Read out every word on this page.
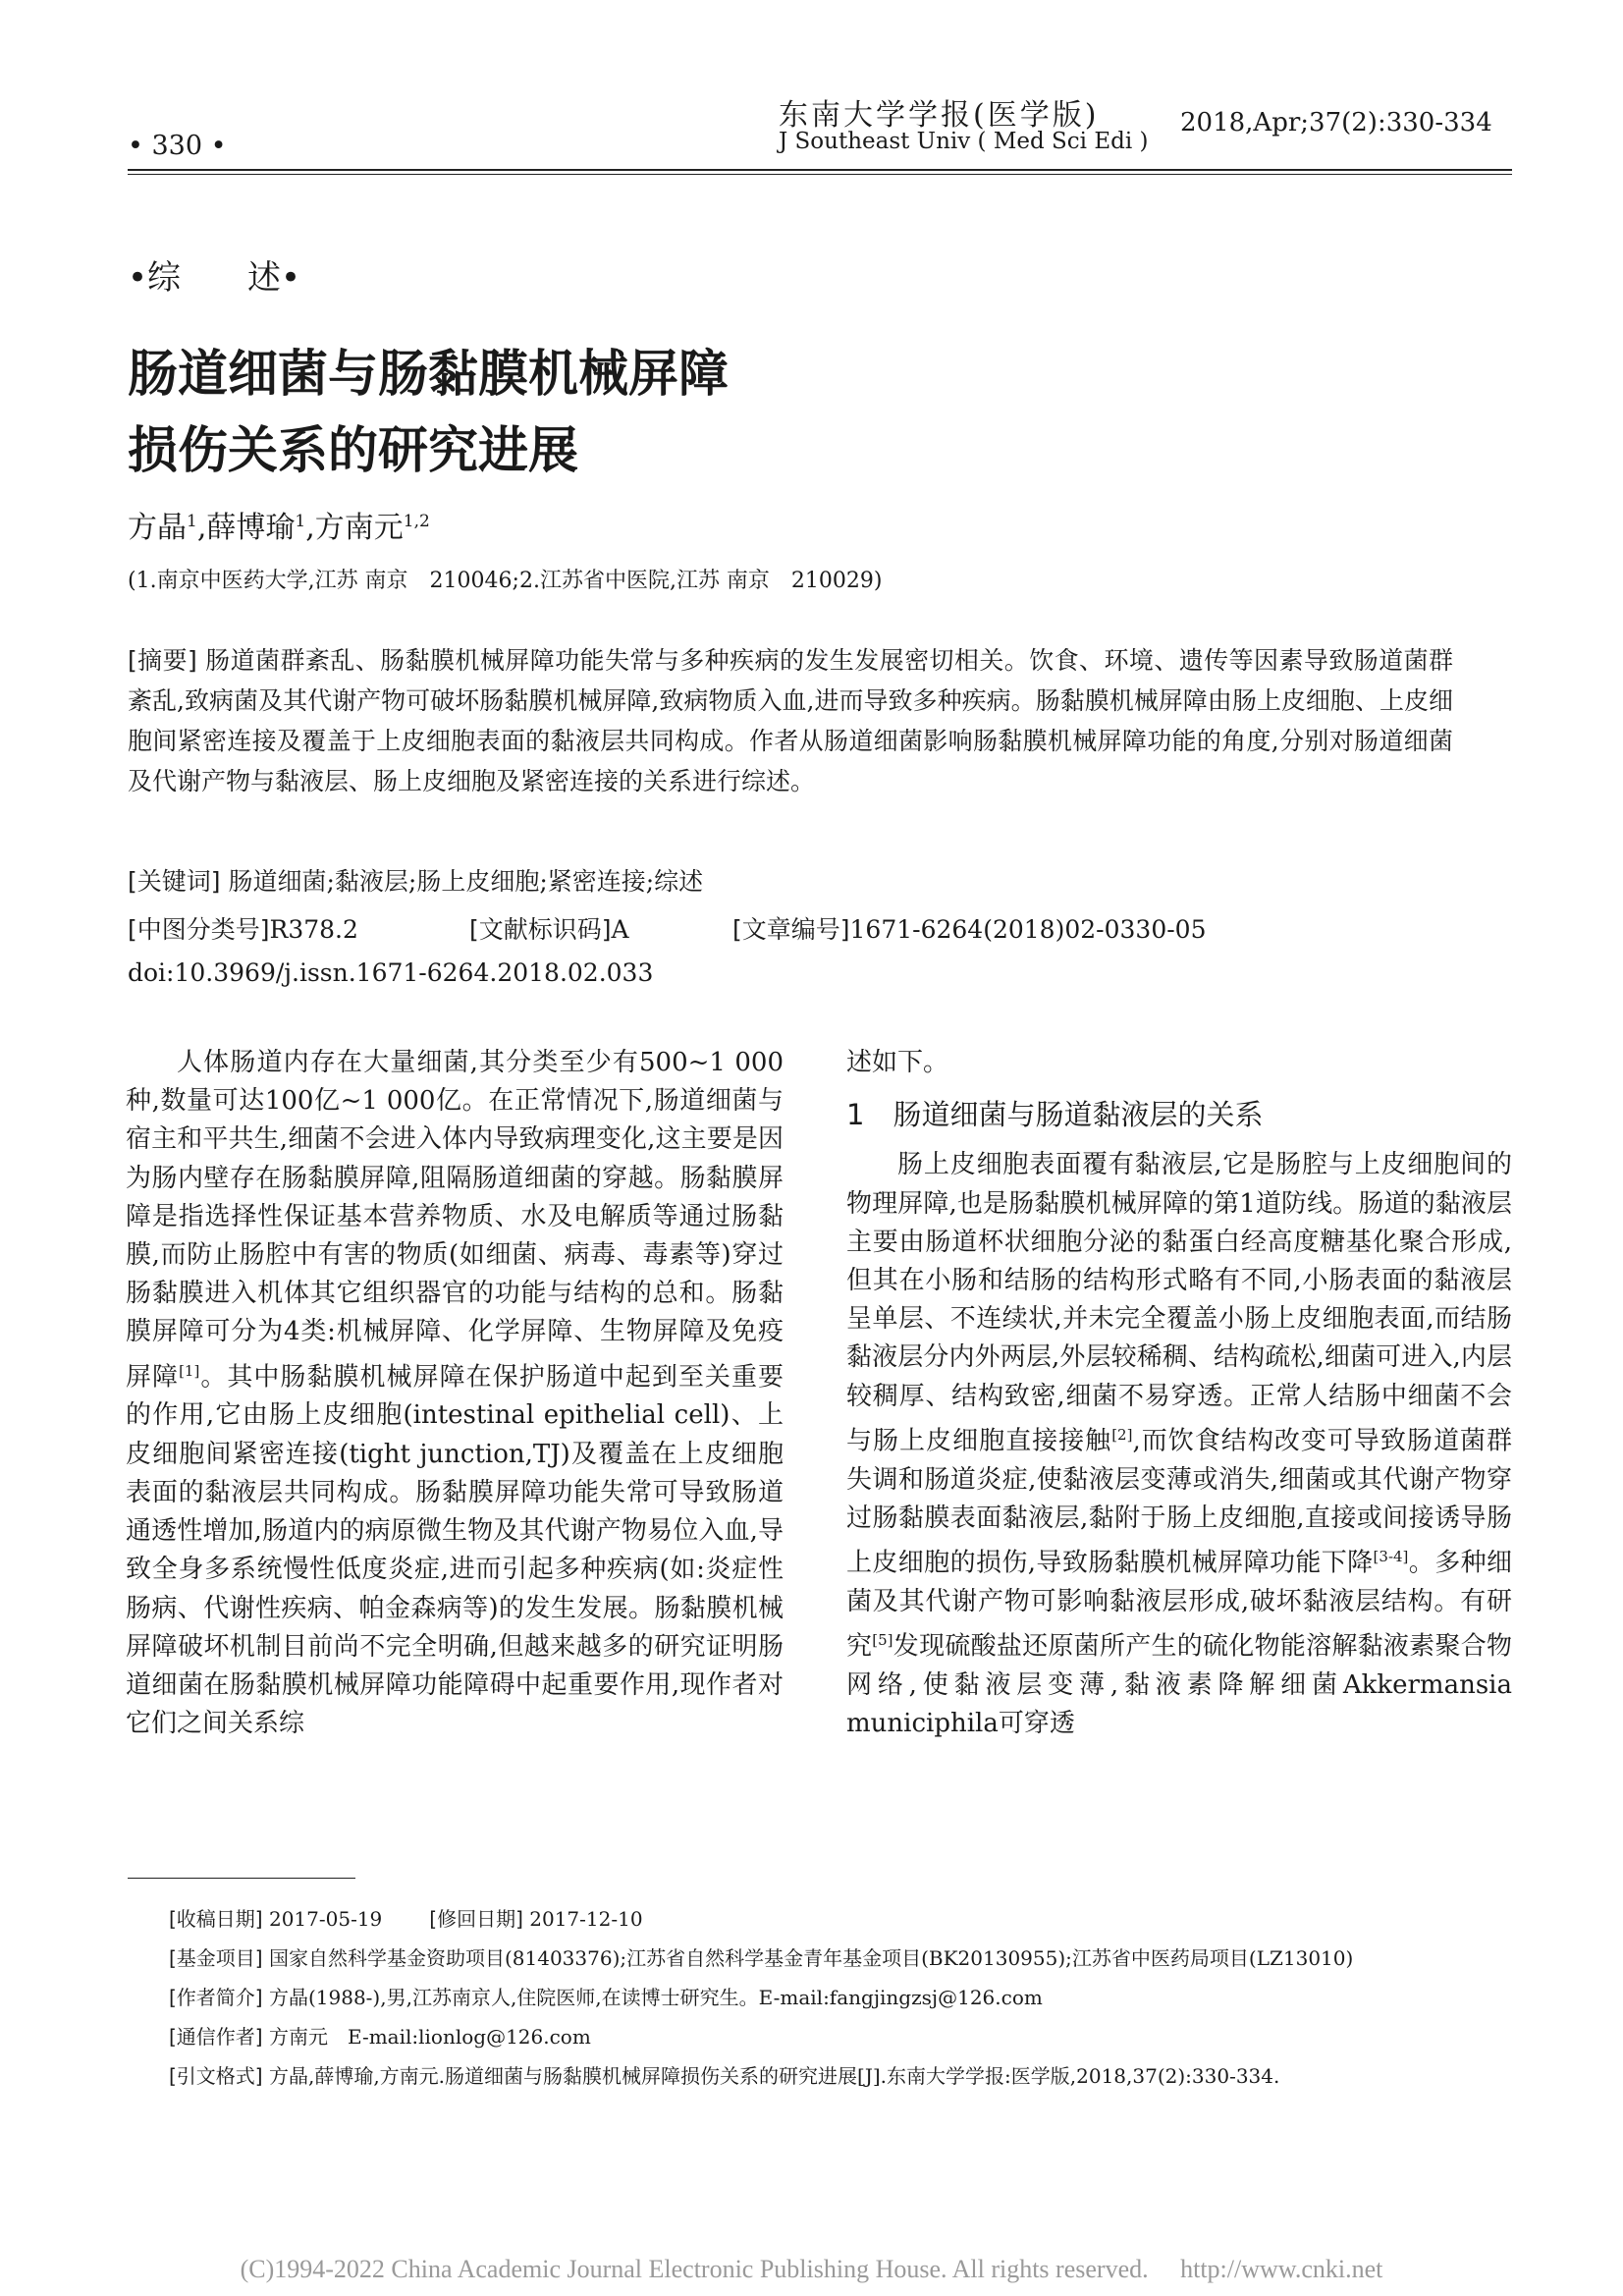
• 330 •
东南大学学报(医学版)
J Southeast Univ ( Med Sci Edi )
2018,Apr;37(2):330-334
•综　　述•
肠道细菌与肠黏膜机械屏障
损伤关系的研究进展
方晶$^1$,薛博瑜$^1$,方南元$^{1,2}$
(1.南京中医药大学,江苏 南京　210046;2.江苏省中医院,江苏 南京　210029)
[摘要] 肠道菌群紊乱、肠黏膜机械屏障功能失常与多种疾病的发生发展密切相关。饮食、环境、遗传等因素导致肠道菌群紊乱,致病菌及其代谢产物可破坏肠黏膜机械屏障,致病物质入血,进而导致多种疾病。肠黏膜机械屏障由肠上皮细胞、上皮细胞间紧密连接及覆盖于上皮细胞表面的黏液层共同构成。作者从肠道细菌影响肠黏膜机械屏障功能的角度,分别对肠道细菌及代谢产物与黏液层、肠上皮细胞及紧密连接的关系进行综述。
[关键词] 肠道细菌;黏液层;肠上皮细胞;紧密连接;综述
[中图分类号]R378.2	[文献标识码]A	[文章编号]1671-6264(2018)02-0330-05
doi:10.3969/j.issn.1671-6264.2018.02.033

人体肠道内存在大量细菌,其分类至少有500~1 000种,数量可达100亿~1 000亿。在正常情况下,肠道细菌与宿主和平共生,细菌不会进入体内导致病理变化,这主要是因为肠内壁存在肠黏膜屏障,阻隔肠道细菌的穿越。肠黏膜屏障是指选择性保证基本营养物质、水及电解质等通过肠黏膜,而防止肠腔中有害的物质(如细菌、病毒、毒素等)穿过肠黏膜进入机体其它组织器官的功能与结构的总和。肠黏膜屏障可分为4类:机械屏障、化学屏障、生物屏障及免疫屏障[1]。其中肠黏膜机械屏障在保护肠道中起到至关重要的作用,它由肠上皮细胞(intestinal epithelial cell)、上皮细胞间紧密连接(tight junction,TJ)及覆盖在上皮细胞表面的黏液层共同构成。肠黏膜屏障功能失常可导致肠道通透性增加,肠道内的病原微生物及其代谢产物易位入血,导致全身多系统慢性低度炎症,进而引起多种疾病(如:炎症性肠病、代谢性疾病、帕金森病等)的发生发展。肠黏膜机械屏障破坏机制目前尚不完全明确,但越来越多的研究证明肠道细菌在肠黏膜机械屏障功能障碍中起重要作用,现作者对它们之间关系综

述如下。

1　肠道细菌与肠道黏液层的关系

肠上皮细胞表面覆有黏液层,它是肠腔与上皮细胞间的物理屏障,也是肠黏膜机械屏障的第1道防线。肠道的黏液层主要由肠道杯状细胞分泌的黏蛋白经高度糖基化聚合形成,但其在小肠和结肠的结构形式略有不同,小肠表面的黏液层呈单层、不连续状,并未完全覆盖小肠上皮细胞表面,而结肠黏液层分内外两层,外层较稀稠、结构疏松,细菌可进入,内层较稠厚、结构致密,细菌不易穿透。正常人结肠中细菌不会与肠上皮细胞直接接触[2],而饮食结构改变可导致肠道菌群失调和肠道炎症,使黏液层变薄或消失,细菌或其代谢产物穿过肠黏膜表面黏液层,黏附于肠上皮细胞,直接或间接诱导肠上皮细胞的损伤,导致肠黏膜机械屏障功能下降[3-4]。多种细菌及其代谢产物可影响黏液层形成,破坏黏液层结构。有研究[5]发现硫酸盐还原菌所产生的硫化物能溶解黏液素聚合物网络,使黏液层变薄,黏液素降解细菌Akkermansia municiphila可穿透

[收稿日期] 2017-05-19 [修回日期] 2017-12-10

[基金项目] 国家自然科学基金资助项目(81403376);江苏省自然科学基金青年基金项目(BK20130955);江苏省中医药局项目(LZ13010)

[作者简介] 方晶(1988-),男,江苏南京人,住院医师,在读博士研究生。E-mail:fangjingzsj@126.com

[通信作者] 方南元　E-mail:lionlog@126.com

[引文格式] 方晶,薛博瑜,方南元.肠道细菌与肠黏膜机械屏障损伤关系的研究进展[J].东南大学学报:医学版,2018,37(2):330-334.

(C)1994-2022 China Academic Journal Electronic Publishing House. All rights reserved.　 http://www.cnki.net
